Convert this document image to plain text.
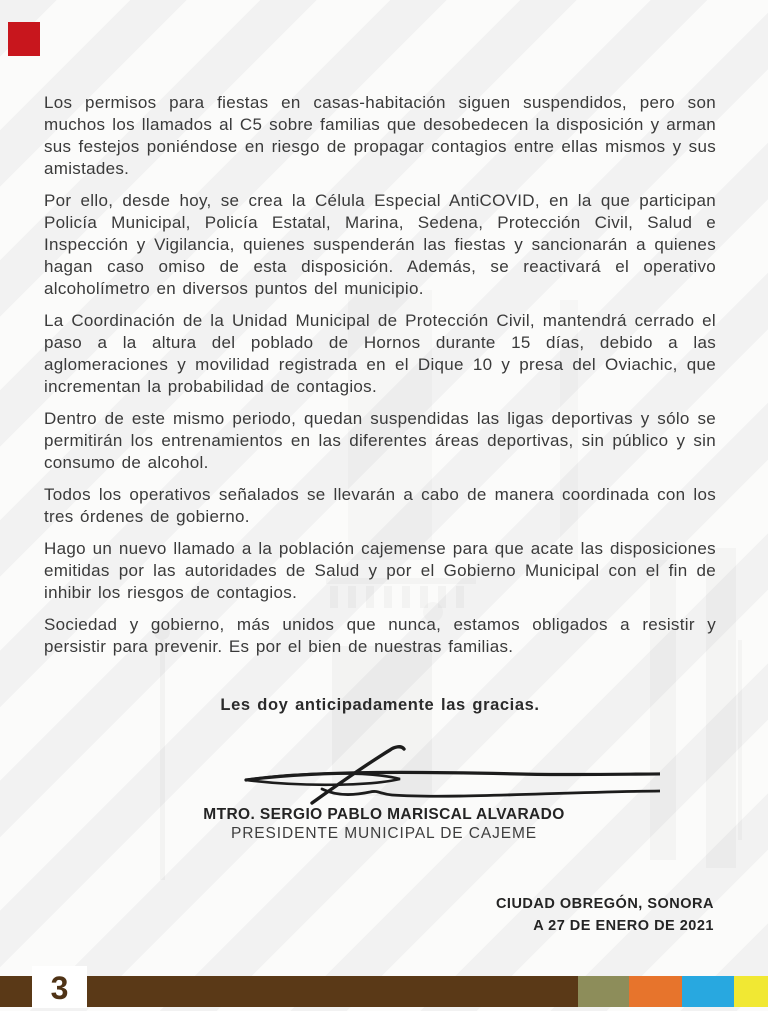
Los permisos para fiestas en casas-habitación siguen suspendidos, pero son muchos los llamados al C5 sobre familias que desobedecen la disposición y arman sus festejos poniéndose en riesgo de propagar contagios entre ellas mismos y sus amistades.

Por ello, desde hoy, se crea la Célula Especial AntiCOVID, en la que participan Policía Municipal, Policía Estatal, Marina, Sedena, Protección Civil, Salud e Inspección y Vigilancia, quienes suspenderán las fiestas y sancionarán a quienes hagan caso omiso de esta disposición. Además, se reactivará el operativo alcoholímetro en diversos puntos del municipio.

La Coordinación de la Unidad Municipal de Protección Civil, mantendrá cerrado el paso a la altura del poblado de Hornos durante 15 días, debido a las aglomeraciones y movilidad registrada en el Dique 10 y presa del Oviachic, que incrementan la probabilidad de contagios.

Dentro de este mismo periodo, quedan suspendidas las ligas deportivas y sólo se permitirán los entrenamientos en las diferentes áreas deportivas, sin público y sin consumo de alcohol.

Todos los operativos señalados se llevarán a cabo de manera coordinada con los tres órdenes de gobierno.

Hago un nuevo llamado a la población cajemense para que acate las disposiciones emitidas por las autoridades de Salud y por el Gobierno Municipal con el fin de inhibir los riesgos de contagios.

Sociedad y gobierno, más unidos que nunca, estamos obligados a resistir y persistir para prevenir. Es por el bien de nuestras familias.

Les doy anticipadamente las gracias.

MTRO. SERGIO PABLO MARISCAL ALVARADO
PRESIDENTE MUNICIPAL DE CAJEME
CIUDAD OBREGÓN, SONORA
A 27 DE ENERO DE 2021
3
